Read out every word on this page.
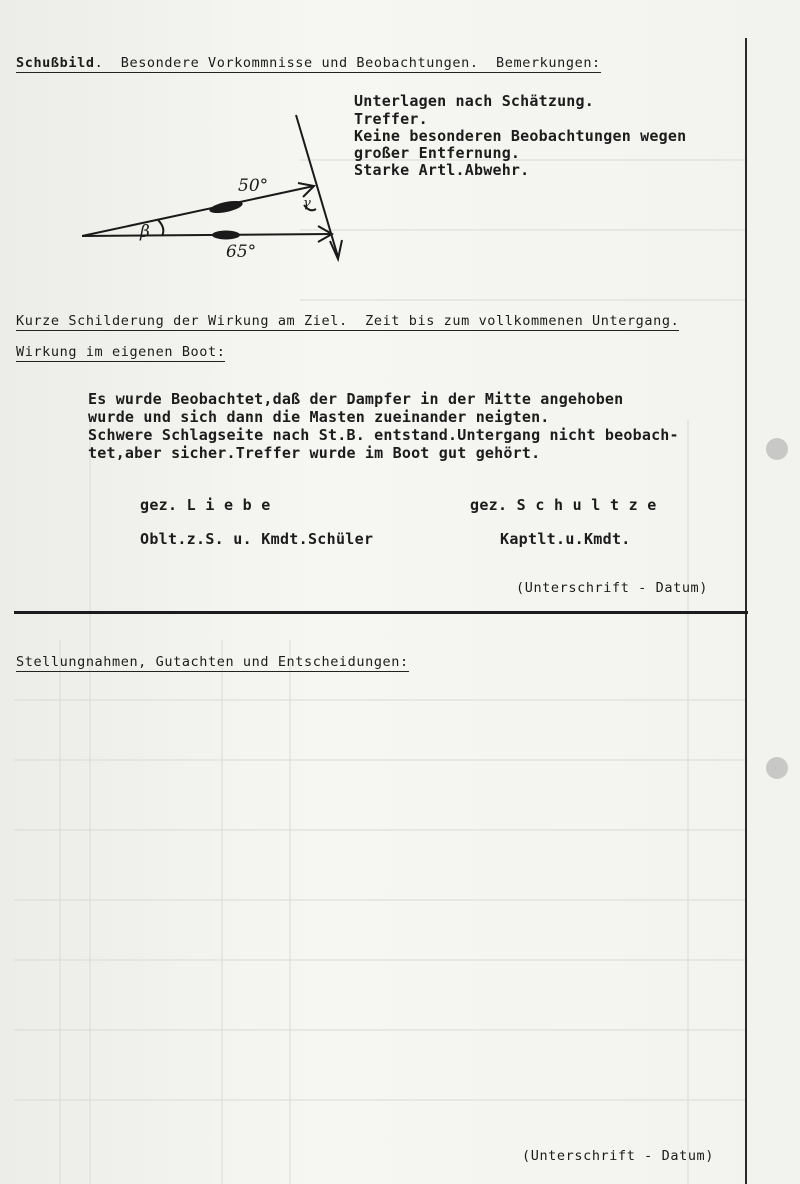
Schußbild.  Besondere Vorkommnisse und Beobachtungen.  Bemerkungen:
Unterlagen nach Schätzung.
Treffer.
Keine besonderen Beobachtungen wegen
großer Entfernung.
Starke Artl.Abwehr.
50°
65°
β
γ
Kurze Schilderung der Wirkung am Ziel.  Zeit bis zum vollkommenen Untergang.
Wirkung im eigenen Boot:
Es wurde Beobachtet,daß der Dampfer in der Mitte angehoben
wurde und sich dann die Masten zueinander neigten.
Schwere Schlagseite nach St.B. entstand.Untergang nicht beobach-
tet,aber sicher.Treffer wurde im Boot gut gehört.
gez. L i e b e	gez. S c h u l t z e
Oblt.z.S. u. Kmdt.Schüler	Kaptlt.u.Kmdt.
(Unterschrift - Datum)
Stellungnahmen, Gutachten und Entscheidungen:
(Unterschrift - Datum)
